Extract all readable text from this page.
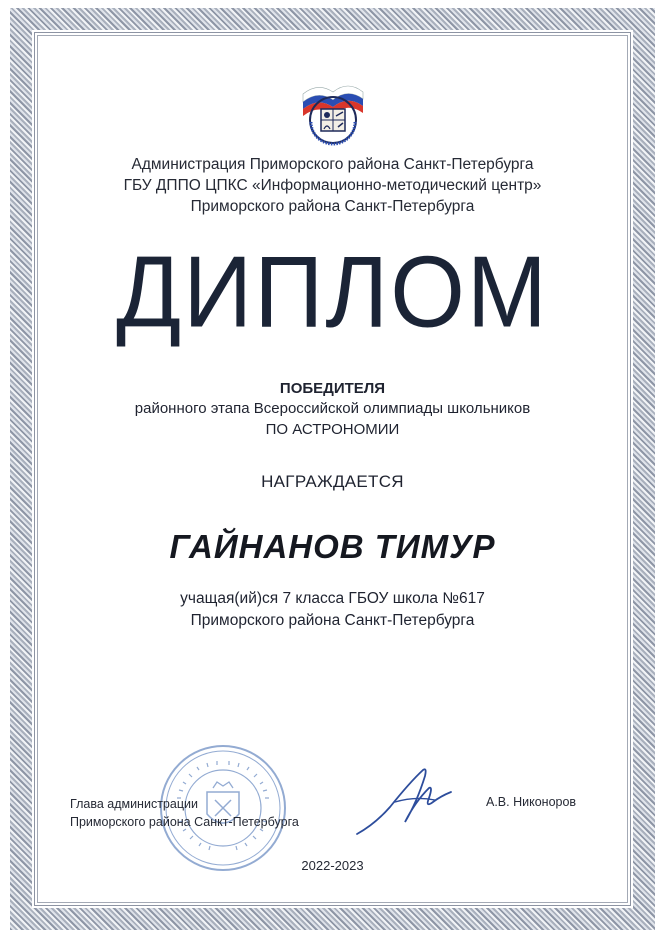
Администрация Приморского района Санкт-Петербурга
ГБУ ДППО ЦПКС «Информационно-методический центр»
Приморского района Санкт-Петербурга
ДИПЛОМ
ПОБЕДИТЕЛЯ
районного этапа Всероссийской олимпиады школьников
ПО АСТРОНОМИИ
НАГРАЖДАЕТСЯ
ГАЙНАНОВ ТИМУР
учащая(ий)ся 7 класса ГБОУ школа №617
Приморского района Санкт-Петербурга
Глава администрации
Приморского района Санкт-Петербурга
А.В. Никоноров
2022-2023
